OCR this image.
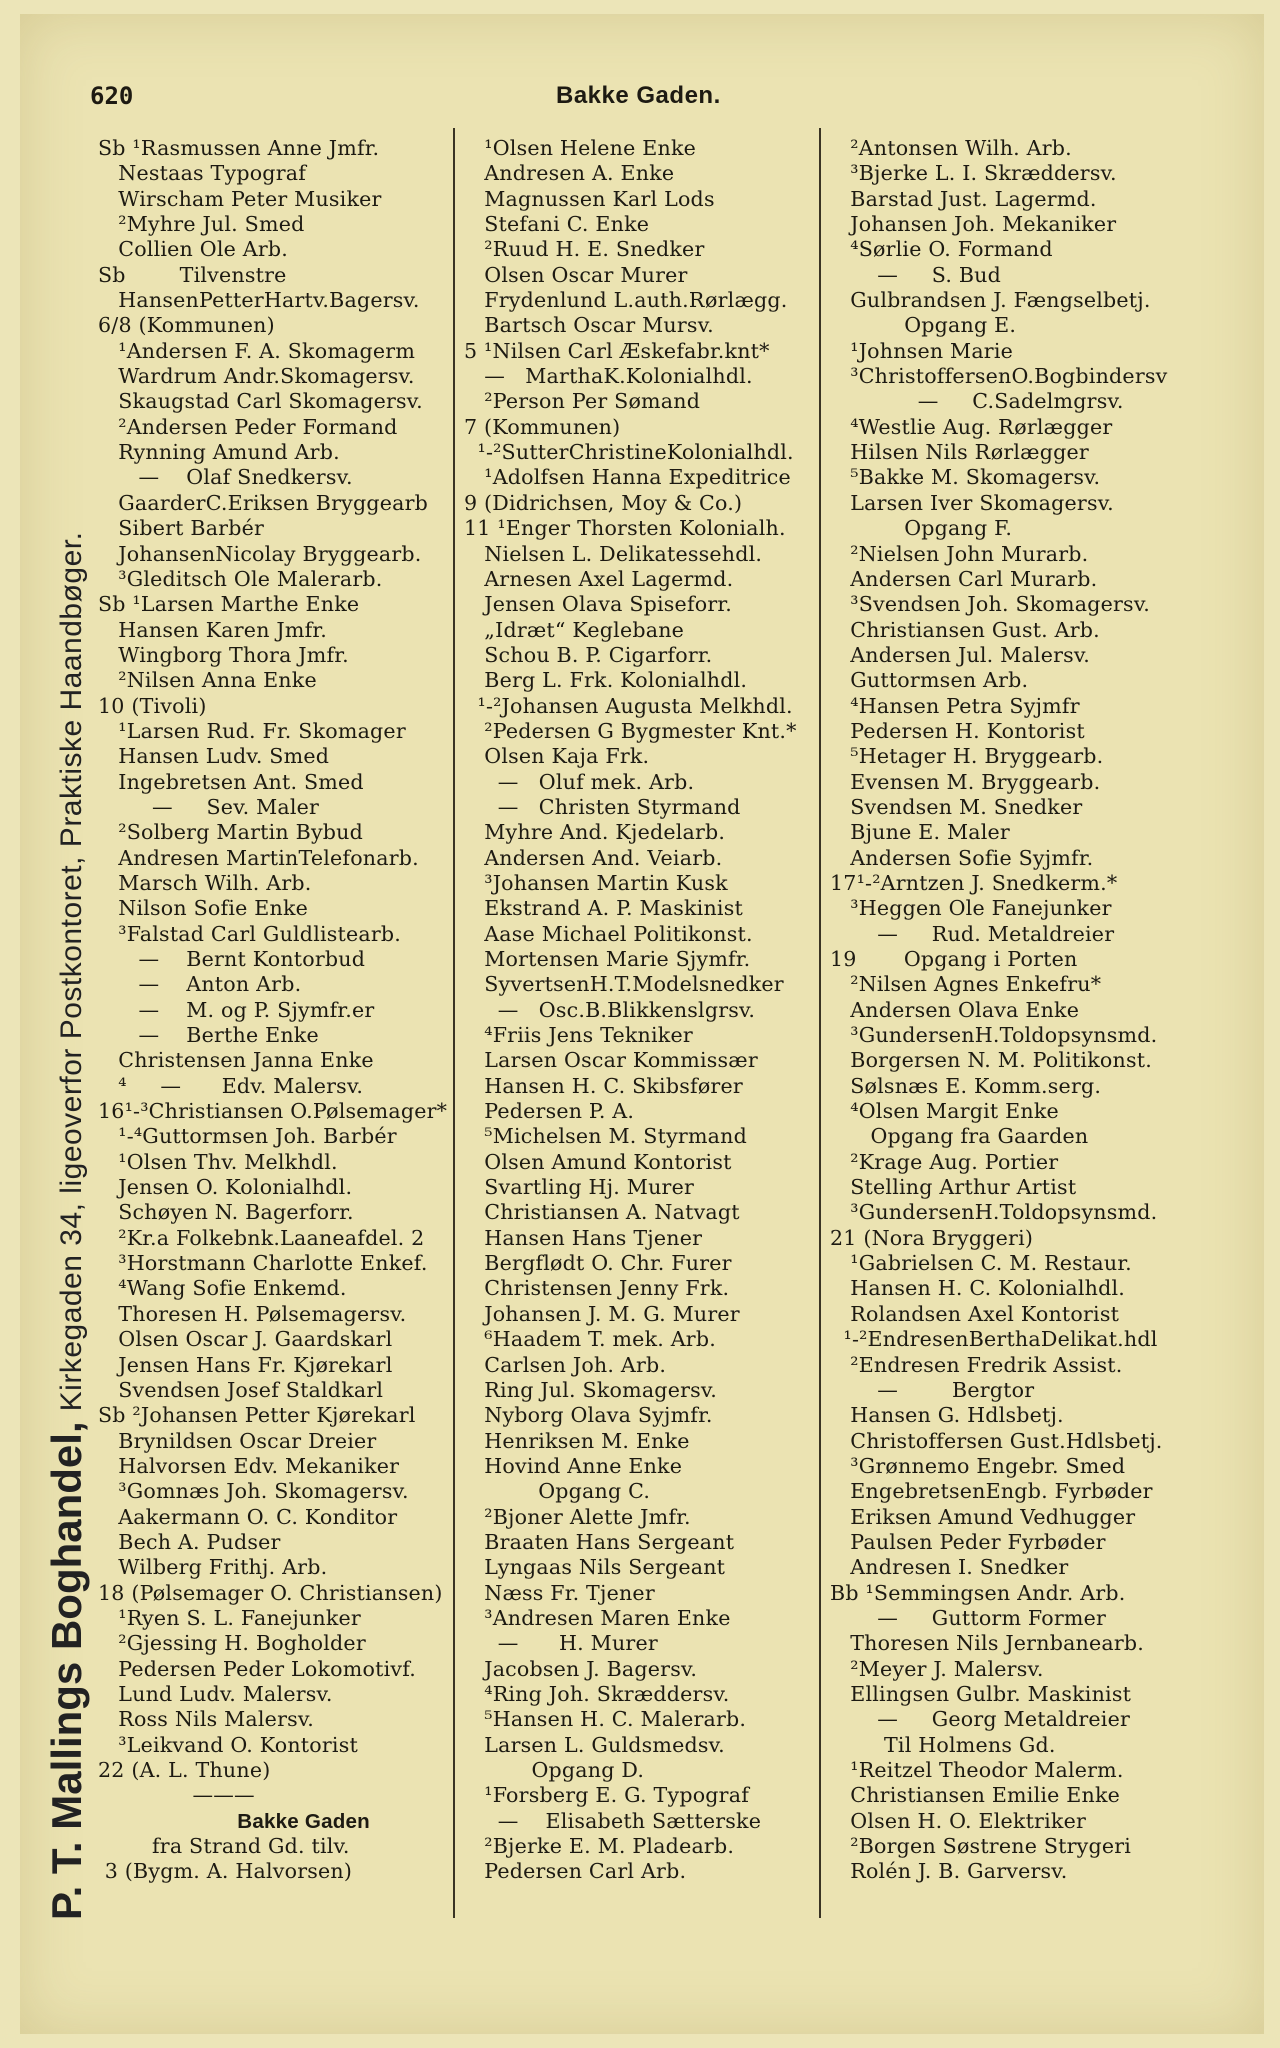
620	Bakke Gaden.
P. T. Mallings Boghandel, Kirkegaden 34, ligeoverfor Postkontoret, Praktiske Haandbøger.
Sb ¹Rasmussen Anne Jmfr.
Nestaas Typograf
Wirscham Peter Musiker
²Myhre Jul. Smed
Collien Ole Arb.
Sb        Tilvenstre
HansenPetterHartv.Bagersv.
6/8 (Kommunen)
¹Andersen F. A. Skomagerm
Wardrum Andr.Skomagersv.
Skaugstad Carl Skomagersv.
²Andersen Peder Formand
Rynning Amund Arb.
—    Olaf Snedkersv.
GaarderC.Eriksen Bryggearb
Sibert Barbér
JohansenNicolay Bryggearb.
³Gleditsch Ole Malerarb.
Sb ¹Larsen Marthe Enke
Hansen Karen Jmfr.
Wingborg Thora Jmfr.
²Nilsen Anna Enke
10 (Tivoli)
¹Larsen Rud. Fr. Skomager
Hansen Ludv. Smed
Ingebretsen Ant. Smed
—     Sev. Maler
²Solberg Martin Bybud
Andresen MartinTelefonarb.
Marsch Wilh. Arb.
Nilson Sofie Enke
³Falstad Carl Guldlistearb.
—    Bernt Kontorbud
—    Anton Arb.
—    M. og P. Sjymfr.er
—    Berthe Enke
Christensen Janna Enke
⁴     —      Edv. Malersv.
16¹-³Christiansen O.Pølsemager*
¹-⁴Guttormsen Joh. Barbér
¹Olsen Thv. Melkhdl.
Jensen O. Kolonialhdl.
Schøyen N. Bagerforr.
²Kr.a Folkebnk.Laaneafdel. 2
³Horstmann Charlotte Enkef.
⁴Wang Sofie Enkemd.
Thoresen H. Pølsemagersv.
Olsen Oscar J. Gaardskarl
Jensen Hans Fr. Kjørekarl
Svendsen Josef Staldkarl
Sb ²Johansen Petter Kjørekarl
Brynildsen Oscar Dreier
Halvorsen Edv. Mekaniker
³Gomnæs Joh. Skomagersv.
Aakermann O. C. Konditor
Bech A. Pudser
Wilberg Frithj. Arb.
18 (Pølsemager O. Christiansen)
¹Ryen S. L. Fanejunker
²Gjessing H. Bogholder
Pedersen Peder Lokomotivf.
Lund Ludv. Malersv.
Ross Nils Malersv.
³Leikvand O. Kontorist
22 (A. L. Thune)
———
Bakke Gaden
fra Strand Gd. tilv.
3 (Bygm. A. Halvorsen)
¹Olsen Helene Enke
Andresen A. Enke
Magnussen Karl Lods
Stefani C. Enke
²Ruud H. E. Snedker
Olsen Oscar Murer
Frydenlund L.auth.Rørlægg.
Bartsch Oscar Mursv.
5 ¹Nilsen Carl Æskefabr.knt*
—   MarthaK.Kolonialhdl.
²Person Per Sømand
7 (Kommunen)
¹-²SutterChristineKolonialhdl.
¹Adolfsen Hanna Expeditrice
9 (Didrichsen, Moy & Co.)
11 ¹Enger Thorsten Kolonialh.
Nielsen L. Delikatessehdl.
Arnesen Axel Lagermd.
Jensen Olava Spiseforr.
„Idræt“ Keglebane
Schou B. P. Cigarforr.
Berg L. Frk. Kolonialhdl.
¹-²Johansen Augusta Melkhdl.
²Pedersen G Bygmester Knt.*
Olsen Kaja Frk.
—   Oluf mek. Arb.
—   Christen Styrmand
Myhre And. Kjedelarb.
Andersen And. Veiarb.
³Johansen Martin Kusk
Ekstrand A. P. Maskinist
Aase Michael Politikonst.
Mortensen Marie Sjymfr.
SyvertsenH.T.Modelsnedker
—   Osc.B.Blikkenslgrsv.
⁴Friis Jens Tekniker
Larsen Oscar Kommissær
Hansen H. C. Skibsfører
Pedersen P. A.
⁵Michelsen M. Styrmand
Olsen Amund Kontorist
Svartling Hj. Murer
Christiansen A. Natvagt
Hansen Hans Tjener
Bergflødt O. Chr. Furer
Christensen Jenny Frk.
Johansen J. M. G. Murer
⁶Haadem T. mek. Arb.
Carlsen Joh. Arb.
Ring Jul. Skomagersv.
Nyborg Olava Syjmfr.
Henriksen M. Enke
Hovind Anne Enke
Opgang C.
²Bjoner Alette Jmfr.
Braaten Hans Sergeant
Lyngaas Nils Sergeant
Næss Fr. Tjener
³Andresen Maren Enke
—      H. Murer
Jacobsen J. Bagersv.
⁴Ring Joh. Skræddersv.
⁵Hansen H. C. Malerarb.
Larsen L. Guldsmedsv.
Opgang D.
¹Forsberg E. G. Typograf
—    Elisabeth Sætterske
²Bjerke E. M. Pladearb.
Pedersen Carl Arb.
²Antonsen Wilh. Arb.
³Bjerke L. I. Skræddersv.
Barstad Just. Lagermd.
Johansen Joh. Mekaniker
⁴Sørlie O. Formand
—     S. Bud
Gulbrandsen J. Fængselbetj.
Opgang E.
¹Johnsen Marie
³ChristoffersenO.Bogbindersv
—     C.Sadelmgrsv.
⁴Westlie Aug. Rørlægger
Hilsen Nils Rørlægger
⁵Bakke M. Skomagersv.
Larsen Iver Skomagersv.
Opgang F.
²Nielsen John Murarb.
Andersen Carl Murarb.
³Svendsen Joh. Skomagersv.
Christiansen Gust. Arb.
Andersen Jul. Malersv.
Guttormsen Arb.
⁴Hansen Petra Syjmfr
Pedersen H. Kontorist
⁵Hetager H. Bryggearb.
Evensen M. Bryggearb.
Svendsen M. Snedker
Bjune E. Maler
Andersen Sofie Syjmfr.
17¹-²Arntzen J. Snedkerm.*
³Heggen Ole Fanejunker
—     Rud. Metaldreier
19       Opgang i Porten
²Nilsen Agnes Enkefru*
Andersen Olava Enke
³GundersenH.Toldopsynsmd.
Borgersen N. M. Politikonst.
Sølsnæs E. Komm.serg.
⁴Olsen Margit Enke
Opgang fra Gaarden
²Krage Aug. Portier
Stelling Arthur Artist
³GundersenH.Toldopsynsmd.
21 (Nora Bryggeri)
¹Gabrielsen C. M. Restaur.
Hansen H. C. Kolonialhdl.
Rolandsen Axel Kontorist
¹-²EndresenBerthaDelikat.hdl
²Endresen Fredrik Assist.
—        Bergtor
Hansen G. Hdlsbetj.
Christoffersen Gust.Hdlsbetj.
³Grønnemo Engebr. Smed
EngebretsenEngb. Fyrbøder
Eriksen Amund Vedhugger
Paulsen Peder Fyrbøder
Andresen I. Snedker
Bb ¹Semmingsen Andr. Arb.
—     Guttorm Former
Thoresen Nils Jernbanearb.
²Meyer J. Malersv.
Ellingsen Gulbr. Maskinist
—     Georg Metaldreier
Til Holmens Gd.
¹Reitzel Theodor Malerm.
Christiansen Emilie Enke
Olsen H. O. Elektriker
²Borgen Søstrene Strygeri
Rolén J. B. Garversv.
